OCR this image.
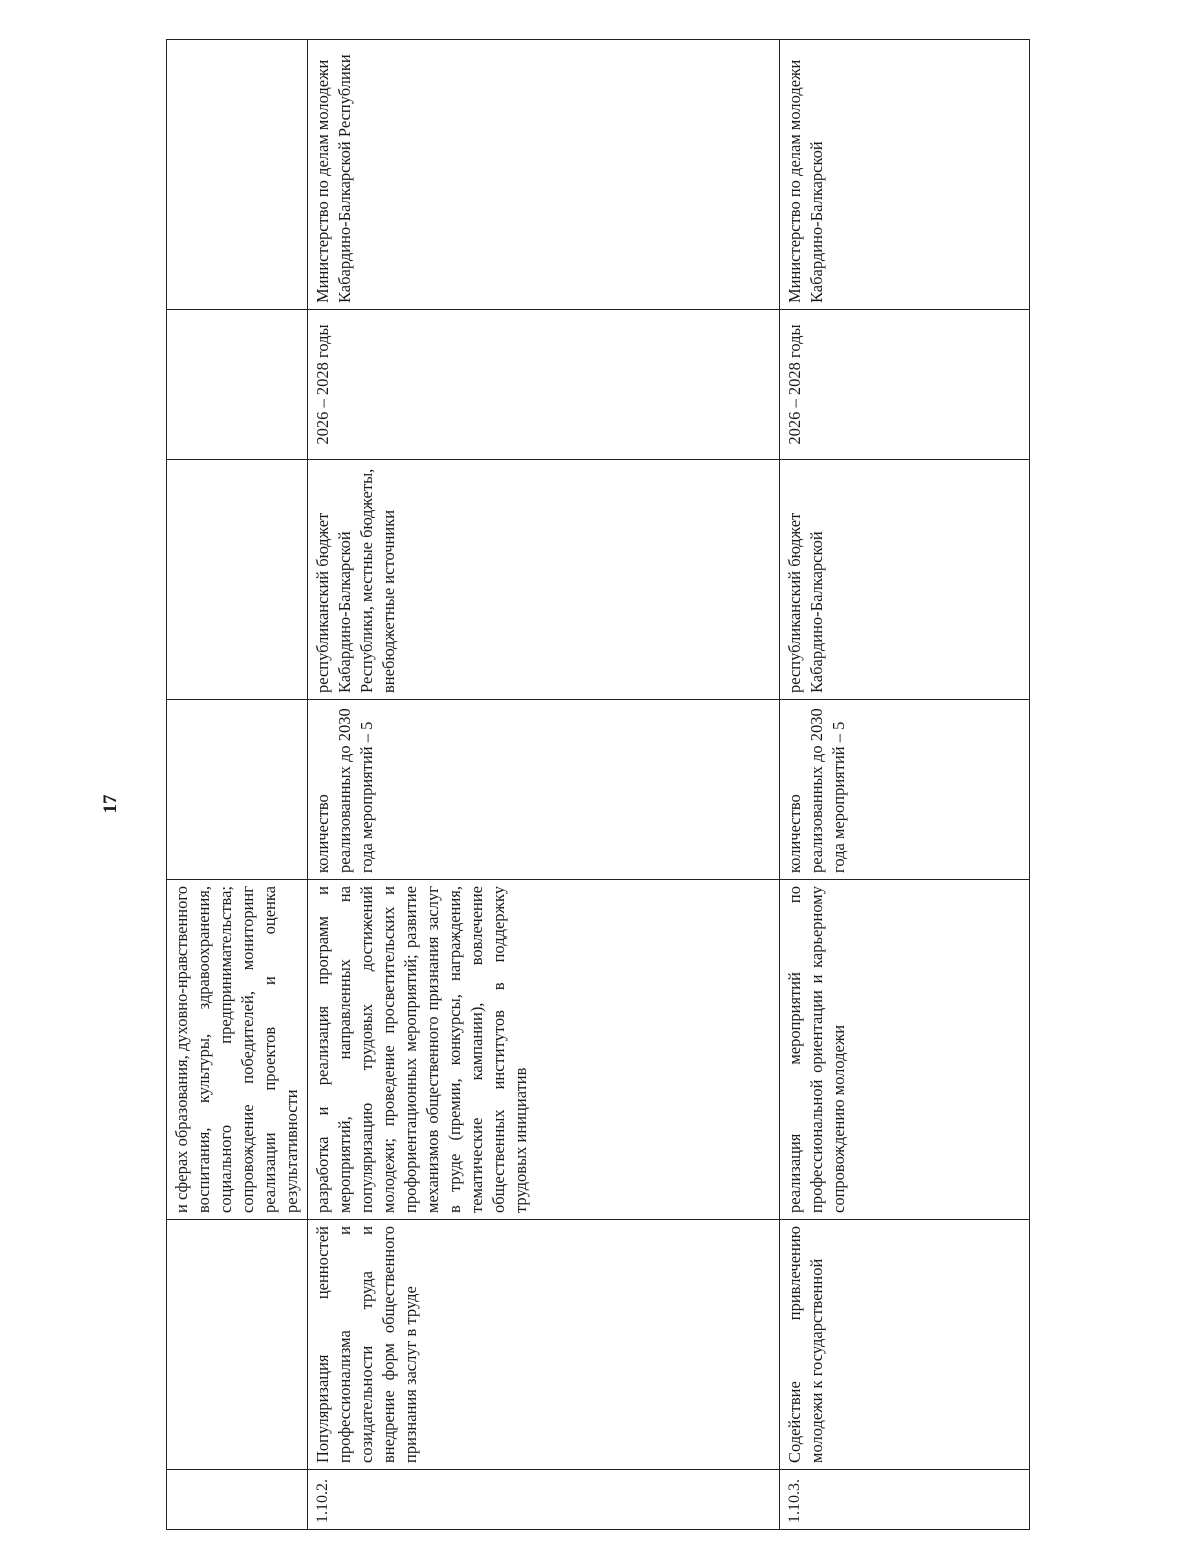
17
		и сферах образования, духовно-нравственного воспитания, культуры, здравоохранения, социального предпринимательства; сопровождение победителей, мониторинг реализации проектов и оценка результативности				
1.10.2.	Популяризация ценностей профессионализма и созидательности труда и внедрение форм общественного признания заслуг в труде	разработка и реализация программ и мероприятий, направленных на популяризацию трудовых достижений молодежи; проведение просветительских и профориентационных мероприятий; развитие механизмов общественного признания заслуг в труде (премии, конкурсы, награждения, тематические кампании), вовлечение общественных институтов в поддержку трудовых инициатив	количество реализованных до 2030 года мероприятий – 5	республиканский бюджет Кабардино-Балкарской Республики, местные бюджеты, внебюджетные источники	2026 – 2028 годы	Министерство по делам молодежи Кабардино-Балкарской Республики
1.10.3.	Содействие привлечению молодежи к государственной	реализация мероприятий по профессиональной ориентации и карьерному сопровождению молодежи	количество реализованных до 2030 года мероприятий – 5	республиканский бюджет Кабардино-Балкарской	2026 – 2028 годы	Министерство по делам молодежи Кабардино-Балкарской
